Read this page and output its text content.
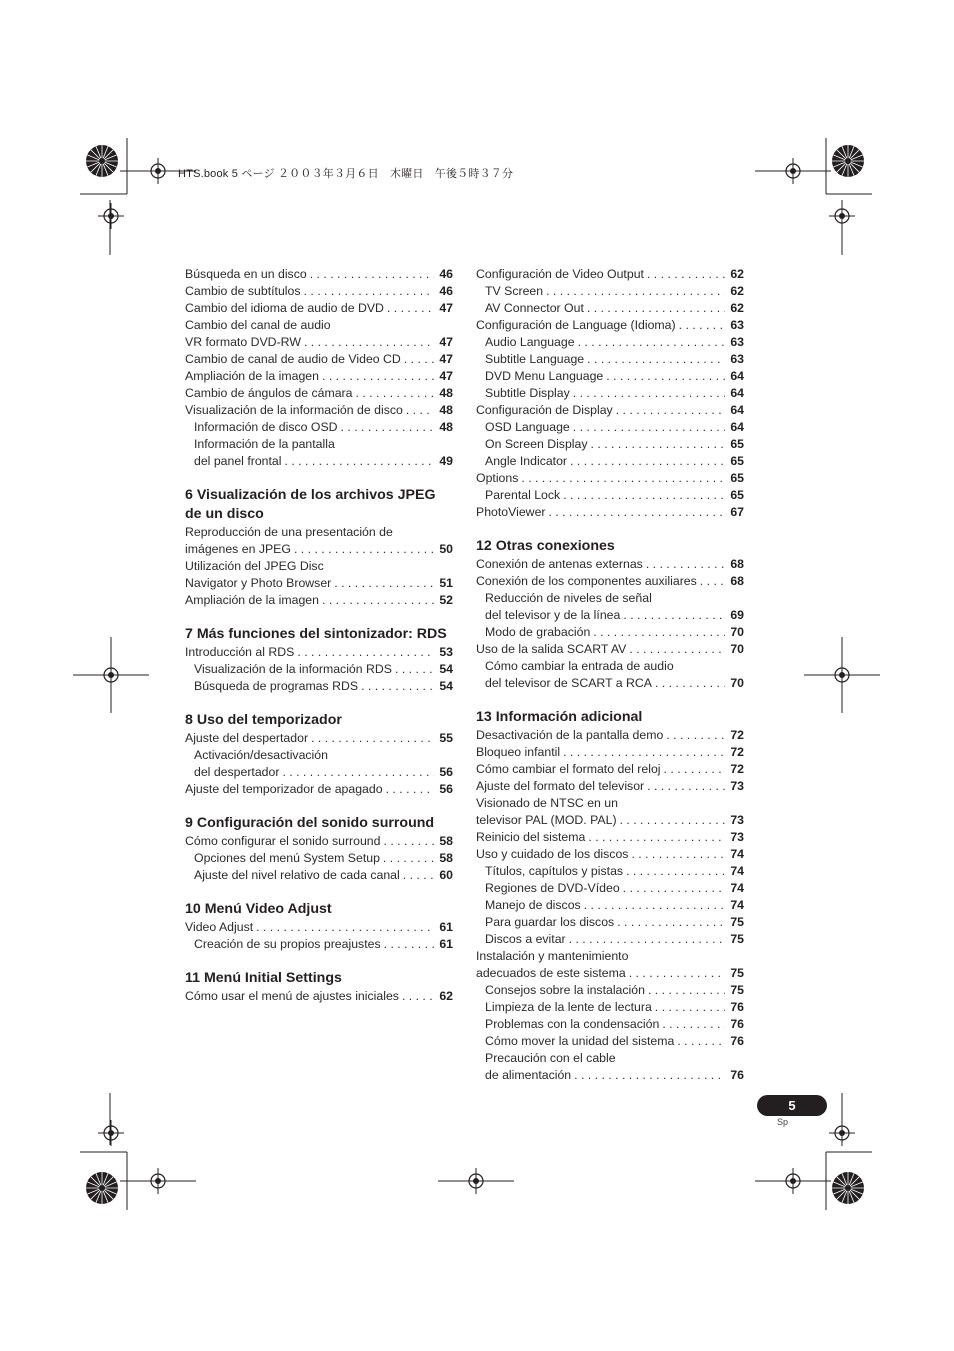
HTS.book 5 ページ ２００３年３月６日　木曜日　午後５時３７分
Búsqueda en un disco . . .	46
Cambio de subtítulos . . .	46
Cambio del idioma de audio de DVD . . .	47
Cambio del canal de audio
VR formato DVD-RW . . .	47
Cambio de canal de audio de Video CD . . .	47
Ampliación de la imagen . . .	47
Cambio de ángulos de cámara . . .	48
Visualización de la información de disco . . .	48
Información de disco OSD . . .	48
Información de la pantalla
del panel frontal . . .	49
6 Visualización de los archivos JPEG de un disco
Reproducción de una presentación de
imágenes en JPEG . . .	50
Utilización del JPEG Disc
Navigator y Photo Browser . . .	51
Ampliación de la imagen . . .	52
7 Más funciones del sintonizador: RDS
Introducción al RDS . . .	53
Visualización de la información RDS . . .	54
Búsqueda de programas RDS . . .	54
8 Uso del temporizador
Ajuste del despertador . . .	55
Activación/desactivación
del despertador . . .	56
Ajuste del temporizador de apagado . . .	56
9 Configuración del sonido surround
Cómo configurar el sonido surround . . .	58
Opciones del menú System Setup . . .	58
Ajuste del nivel relativo de cada canal . . .	60
10 Menú Video Adjust
Video Adjust . . .	61
Creación de su propios preajustes . . .	61
11 Menú Initial Settings
Cómo usar el menú de ajustes iniciales . . .	62
Configuración de Video Output . . .	62
TV Screen . . .	62
AV Connector Out . . .	62
Configuración de Language (Idioma) . . .	63
Audio Language . . .	63
Subtitle Language . . .	63
DVD Menu Language . . .	64
Subtitle Display . . .	64
Configuración de Display . . .	64
OSD Language . . .	64
On Screen Display . . .	65
Angle Indicator . . .	65
Options . . .	65
Parental Lock . . .	65
PhotoViewer . . .	67
12 Otras conexiones
Conexión de antenas externas . . .	68
Conexión de los componentes auxiliares . . .	68
Reducción de niveles de señal
del televisor y de la línea . . .	69
Modo de grabación . . .	70
Uso de la salida SCART AV . . .	70
Cómo cambiar la entrada de audio
del televisor de SCART a RCA . . .	70
13 Información adicional
Desactivación de la pantalla demo . . .	72
Bloqueo infantil . . .	72
Cómo cambiar el formato del reloj . . .	72
Ajuste del formato del televisor . . .	73
Visionado de NTSC en un
televisor PAL (MOD. PAL) . . .	73
Reinicio del sistema . . .	73
Uso y cuidado de los discos . . .	74
Títulos, capítulos y pistas . . .	74
Regiones de DVD-Vídeo . . .	74
Manejo de discos . . .	74
Para guardar los discos . . .	75
Discos a evitar . . .	75
Instalación y mantenimiento
adecuados de este sistema . . .	75
Consejos sobre la instalación . . .	75
Limpieza de la lente de lectura . . .	76
Problemas con la condensación . . .	76
Cómo mover la unidad del sistema . . .	76
Precaución con el cable
de alimentación . . .	76
5
Sp
